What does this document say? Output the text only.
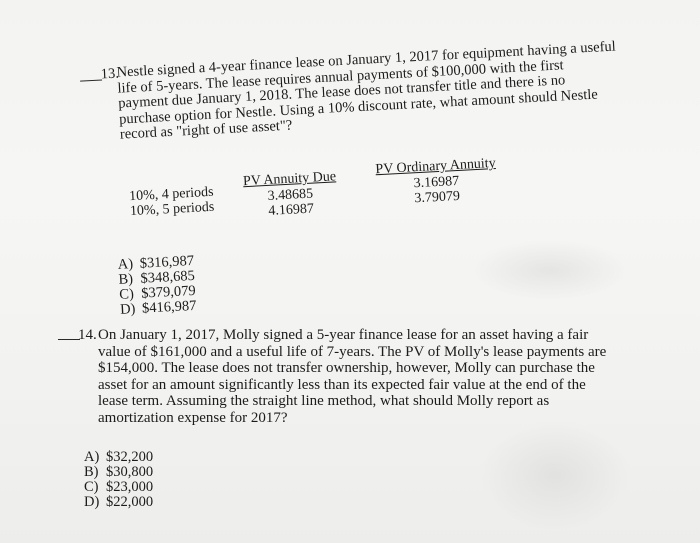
13.
Nestle signed a 4-year finance lease on January 1, 2017 for equipment having a useful
life of 5-years. The lease requires annual payments of $100,000 with the first
payment due January 1, 2018. The lease does not transfer title and there is no
purchase option for Nestle. Using a 10% discount rate, what amount should Nestle
record as "right of use asset"?
10%, 4 periods
10%, 5 periods
PV Annuity Due
3.48685
4.16987
PV Ordinary Annuity
3.16987
3.79079
A) $316,987
B) $348,685
C) $379,079
D) $416,987
14. On January 1, 2017, Molly signed a 5-year finance lease for an asset having a fair
value of $161,000 and a useful life of 7-years. The PV of Molly's lease payments are
$154,000. The lease does not transfer ownership, however, Molly can purchase the
asset for an amount significantly less than its expected fair value at the end of the
lease term. Assuming the straight line method, what should Molly report as
amortization expense for 2017?
A) $32,200
B) $30,800
C) $23,000
D) $22,000
